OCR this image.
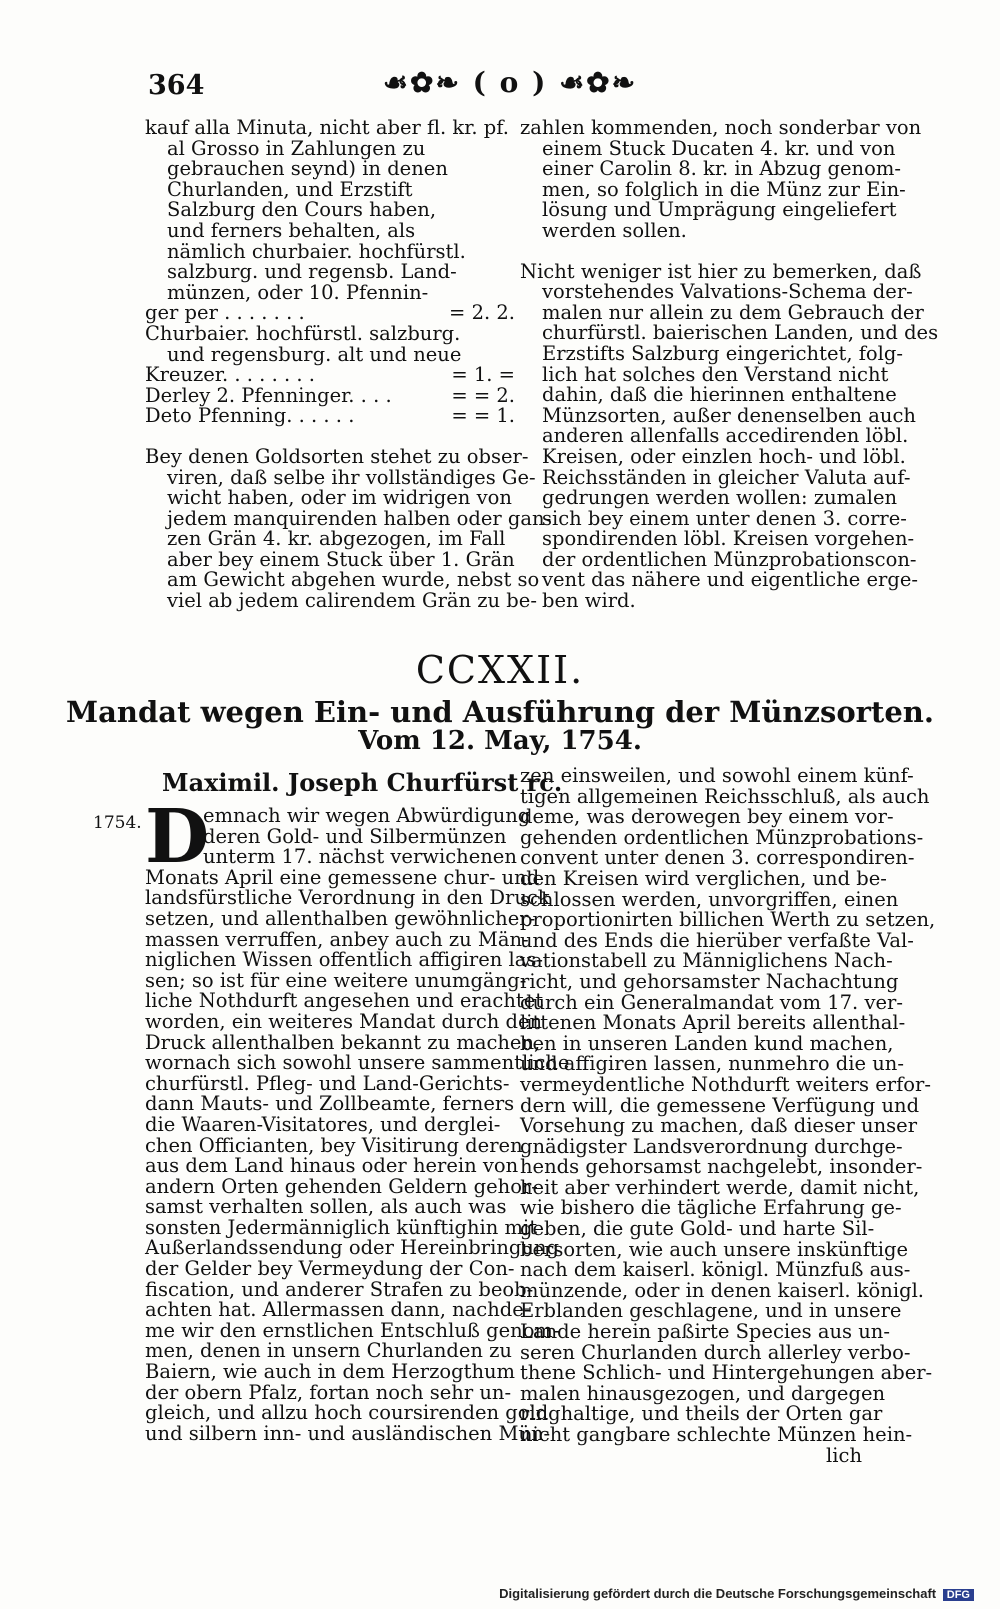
364	☙✿❧ ( o ) ☙✿❧
kauf alla Minuta, nicht aber fl. kr. pf.
al Grosso in Zahlungen zu
gebrauchen seynd) in denen
Churlanden, und Erzstift
Salzburg den Cours haben,
und ferners behalten, als
nämlich churbaier. hochfürstl.
salzburg. und regensb. Land-
münzen, oder 10. Pfennin-
ger per . . . . . . .	= 2. 2.
Churbaier. hochfürstl. salzburg.
und regensburg. alt und neue
Kreuzer. . . . . . . .	= 1. =
Derley 2. Pfenninger. . . .	= = 2.
Deto Pfenning. . . . . .	= = 1.
Bey denen Goldsorten stehet zu obser-
viren, daß selbe ihr vollständiges Ge-
wicht haben, oder im widrigen von
jedem manquirenden halben oder gan-
zen Grän 4. kr. abgezogen, im Fall
aber bey einem Stuck über 1. Grän
am Gewicht abgehen wurde, nebst so
viel ab jedem calirendem Grän zu be-
zahlen kommenden, noch sonderbar von
einem Stuck Ducaten 4. kr. und von
einer Carolin 8. kr. in Abzug genom-
men, so folglich in die Münz zur Ein-
lösung und Umprägung eingeliefert
werden sollen.
Nicht weniger ist hier zu bemerken, daß
vorstehendes Valvations-Schema der-
malen nur allein zu dem Gebrauch der
churfürstl. baierischen Landen, und des
Erzstifts Salzburg eingerichtet, folg-
lich hat solches den Verstand nicht
dahin, daß die hierinnen enthaltene
Münzsorten, außer denenselben auch
anderen allenfalls accedirenden löbl.
Kreisen, oder einzlen hoch- und löbl.
Reichsständen in gleicher Valuta auf-
gedrungen werden wollen: zumalen
sich bey einem unter denen 3. corre-
spondirenden löbl. Kreisen vorgehen-
der ordentlichen Münzprobationscon-
vent das nähere und eigentliche erge-
ben wird.
CCXXII.
Mandat wegen Ein- und Ausführung der Münzsorten.
Vom 12. May, 1754.
Maximil. Joseph Churfürst rc.
1754. D
emnach wir wegen Abwürdigung
deren Gold- und Silbermünzen
unterm 17. nächst verwichenen
Monats April eine gemessene chur- und
landsfürstliche Verordnung in den Druck
setzen, und allenthalben gewöhnlicher-
massen verruffen, anbey auch zu Män-
niglichen Wissen offentlich affigiren las-
sen; so ist für eine weitere unumgäng-
liche Nothdurft angesehen und erachtet
worden, ein weiteres Mandat durch den
Druck allenthalben bekannt zu machen,
wornach sich sowohl unsere sammentliche
churfürstl. Pfleg- und Land-Gerichts-
dann Mauts- und Zollbeamte, ferners
die Waaren-Visitatores, und derglei-
chen Officianten, bey Visitirung deren
aus dem Land hinaus oder herein von
andern Orten gehenden Geldern gehor-
samst verhalten sollen, als auch was
sonsten Jedermänniglich künftighin mit
Außerlandssendung oder Hereinbringung
der Gelder bey Vermeydung der Con-
fiscation, und anderer Strafen zu beob-
achten hat. Allermassen dann, nachde-
me wir den ernstlichen Entschluß genom-
men, denen in unsern Churlanden zu
Baiern, wie auch in dem Herzogthum
der obern Pfalz, fortan noch sehr un-
gleich, und allzu hoch coursirenden gold
und silbern inn- und ausländischen Mün-
zen einsweilen, und sowohl einem künf-
tigen allgemeinen Reichsschluß, als auch
deme, was derowegen bey einem vor-
gehenden ordentlichen Münzprobations-
convent unter denen 3. correspondiren-
den Kreisen wird verglichen, und be-
schlossen werden, unvorgriffen, einen
proportionirten billichen Werth zu setzen,
und des Ends die hierüber verfaßte Val-
vationstabell zu Männiglichens Nach-
richt, und gehorsamster Nachachtung
durch ein Generalmandat vom 17. ver-
littenen Monats April bereits allenthal-
ben in unseren Landen kund machen,
und affigiren lassen, nunmehro die un-
vermeydentliche Nothdurft weiters erfor-
dern will, die gemessene Verfügung und
Vorsehung zu machen, daß dieser unser
gnädigster Landsverordnung durchge-
hends gehorsamst nachgelebt, insonder-
heit aber verhindert werde, damit nicht,
wie bishero die tägliche Erfahrung ge-
geben, die gute Gold- und harte Sil-
bersorten, wie auch unsere inskünftige
nach dem kaiserl. königl. Münzfuß aus-
münzende, oder in denen kaiserl. königl.
Erblanden geschlagene, und in unsere
Lande herein paßirte Species aus un-
seren Churlanden durch allerley verbo-
thene Schlich- und Hintergehungen aber-
malen hinausgezogen, und dargegen
ringhaltige, und theils der Orten gar
nicht gangbare schlechte Münzen hein-
lich
Digitalisierung gefördert durch die Deutsche Forschungsgemeinschaft DFG
